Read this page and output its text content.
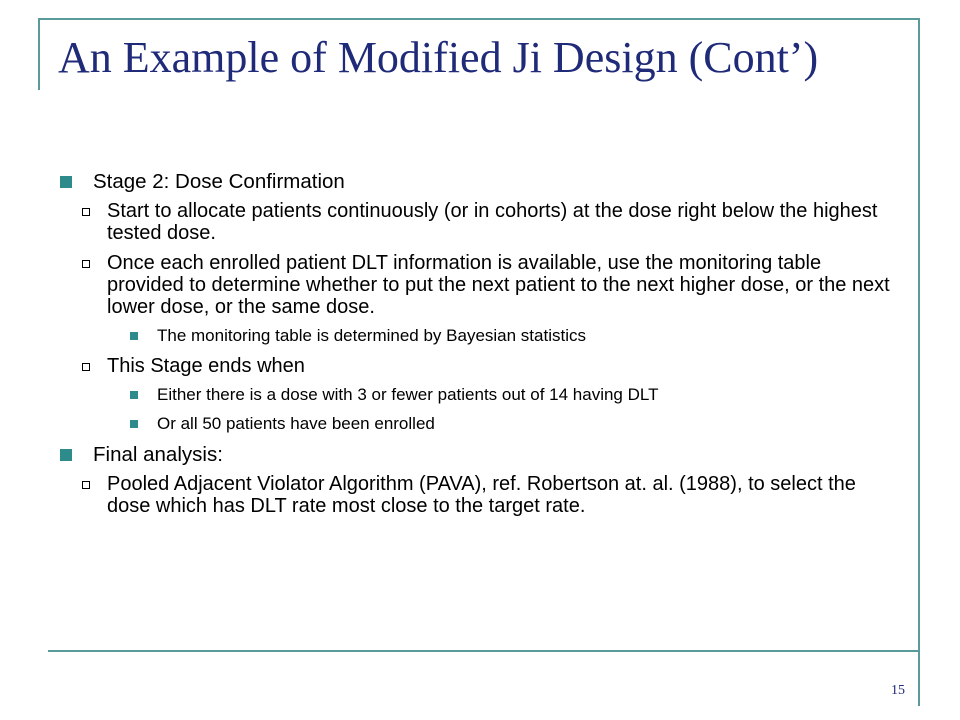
An Example of Modified Ji Design (Cont’)
Stage 2: Dose Confirmation
Start to allocate patients continuously (or in cohorts) at the dose right below the highest tested dose.
Once each enrolled patient DLT information is available, use the monitoring table provided to determine whether to put the next patient to the next higher dose, or the next lower dose, or the same dose.
The monitoring table is determined by Bayesian statistics
This Stage ends when
Either there is a dose with 3 or fewer patients out of 14 having DLT
Or all 50 patients have been enrolled
Final analysis:
Pooled Adjacent Violator Algorithm (PAVA), ref. Robertson at. al. (1988), to select the dose which has DLT rate most close to the target rate.
15
